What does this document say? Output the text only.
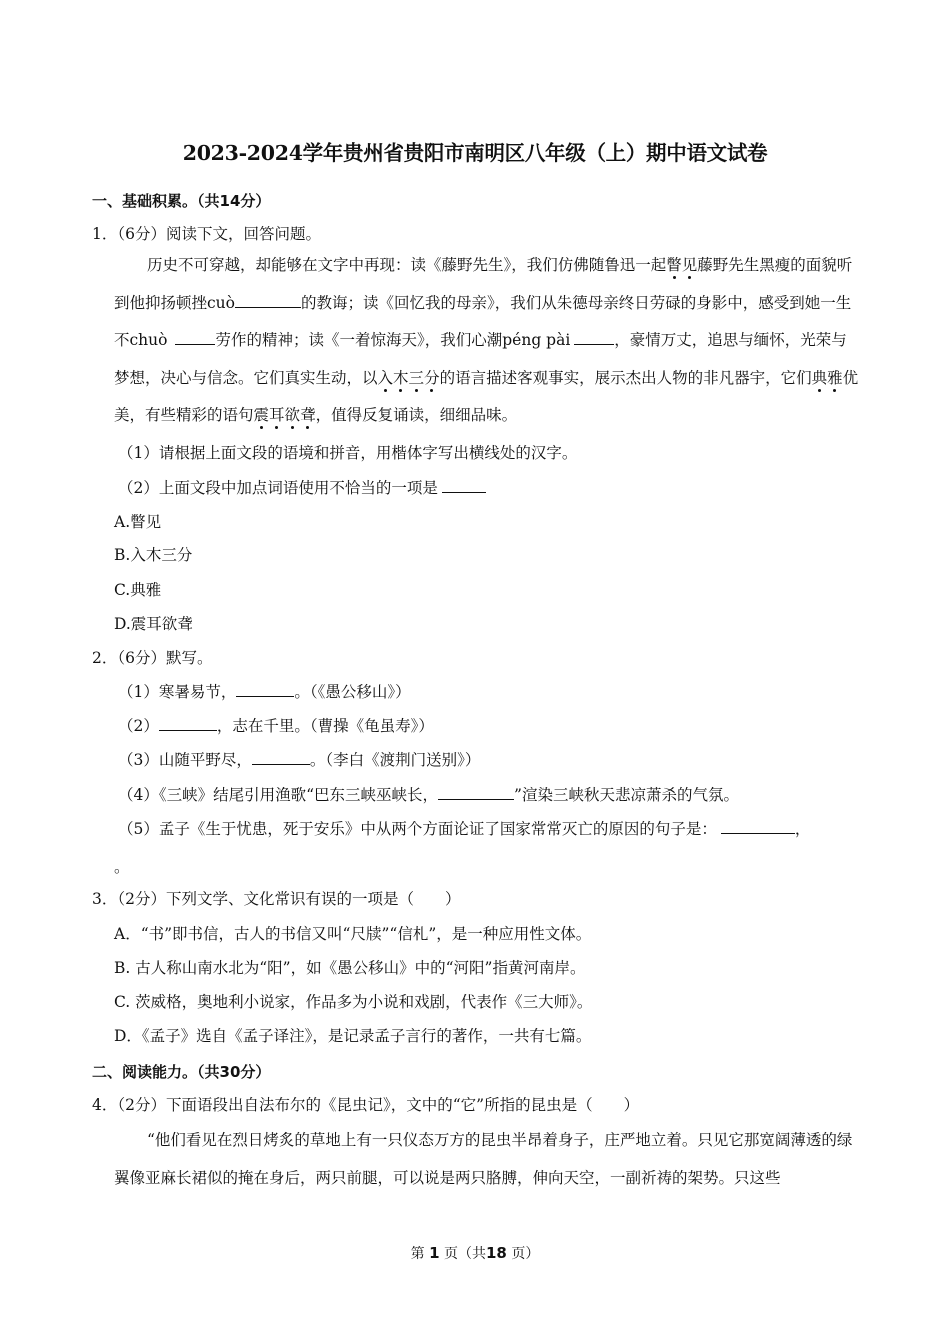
2023-2024学年贵州省贵阳市南明区八年级（上）期中语文试卷
一、基础积累。（共14分）
1．（6分）阅读下文，回答问题。
历史不可穿越，却能够在文字中再现：读《藤野先生》，我们仿佛随鲁迅一起瞥见藤野先生黑瘦的面貌听到他抑扬顿挫cuò	的教诲；读《回忆我的母亲》，我们从朱德母亲终日劳碌的身影中，感受到她一生不chuò	劳作的精神；读《一着惊海天》，我们心潮péng pài	，豪情万丈，追思与缅怀，光荣与梦想，决心与信念。它们真实生动，以入木三分的语言描述客观事实，展示杰出人物的非凡器宇，它们典雅优美，有些精彩的语句震耳欲聋，值得反复诵读，细细品味。
（1）请根据上面文段的语境和拼音，用楷体字写出横线处的汉字。
（2）上面文段中加点词语使用不恰当的一项是
A.瞥见
B.入木三分
C.典雅
D.震耳欲聋
2．（6分）默写。
（1）寒暑易节，	。（《愚公移山》）
（2）	，志在千里。（曹操《龟虽寿》）
（3）山随平野尽，	。（李白《渡荆门送别》）
（4）《三峡》结尾引用渔歌“巴东三峡巫峡长，	”渲染三峡秋天悲凉萧杀的气氛。
（5）孟子《生于忧患，死于安乐》中从两个方面论证了国家常常灭亡的原因的句子是：	，
。
3．（2分）下列文学、文化常识有误的一项是（　　）
A．“书”即书信，古人的书信又叫“尺牍”“信札”，是一种应用性文体。
B. 古人称山南水北为“阳”，如《愚公移山》中的“河阳”指黄河南岸。
C. 茨威格，奥地利小说家，作品多为小说和戏剧，代表作《三大师》。
D．《孟子》选自《孟子译注》，是记录孟子言行的著作，一共有七篇。
二、阅读能力。（共30分）
4．（2分）下面语段出自法布尔的《昆虫记》，文中的“它”所指的昆虫是（　　）
“他们看见在烈日烤炙的草地上有一只仪态万方的昆虫半昂着身子，庄严地立着。只见它那宽阔薄透的绿翼像亚麻长裙似的掩在身后，两只前腿，可以说是两只胳膊，伸向天空，一副祈祷的架势。只这些
第 1 页（共18 页）
